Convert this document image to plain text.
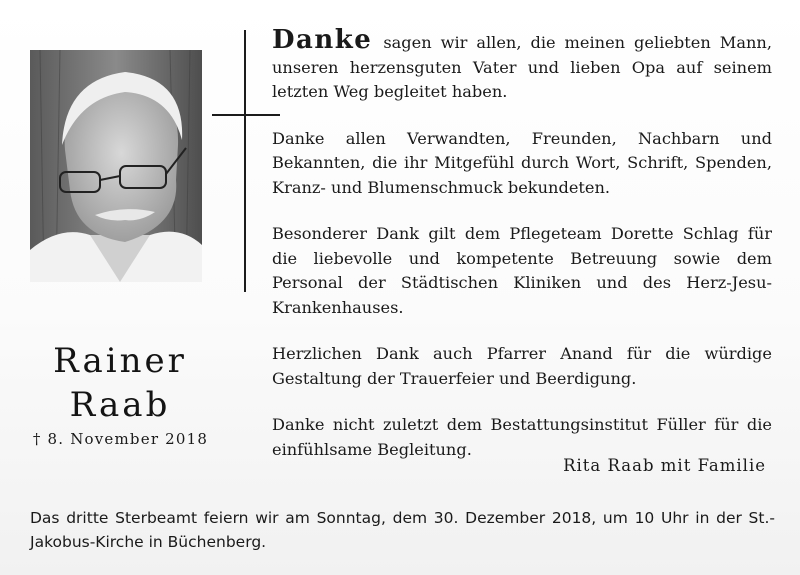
Rainer
Raab
† 8. November 2018

Danke sagen wir allen, die meinen geliebten Mann, unseren herzensguten Vater und lieben Opa auf seinem letzten Weg begleitet haben.

Danke allen Verwandten, Freunden, Nachbarn und Bekannten, die ihr Mitgefühl durch Wort, Schrift, Spenden, Kranz- und Blumenschmuck bekundeten.

Besonderer Dank gilt dem Pflegeteam Dorette Schlag für die liebevolle und kompetente Betreuung sowie dem Personal der Städtischen Kliniken und des Herz-Jesu-Krankenhauses.

Herzlichen Dank auch Pfarrer Anand für die würdige Gestaltung der Trauerfeier und Beerdigung.

Danke nicht zuletzt dem Bestattungsinstitut Füller für die einfühlsame Begleitung.

Rita Raab mit Familie
Das dritte Sterbeamt feiern wir am Sonntag, dem 30. Dezember 2018, um 10 Uhr in der St.-Jakobus-Kirche in Büchenberg.
